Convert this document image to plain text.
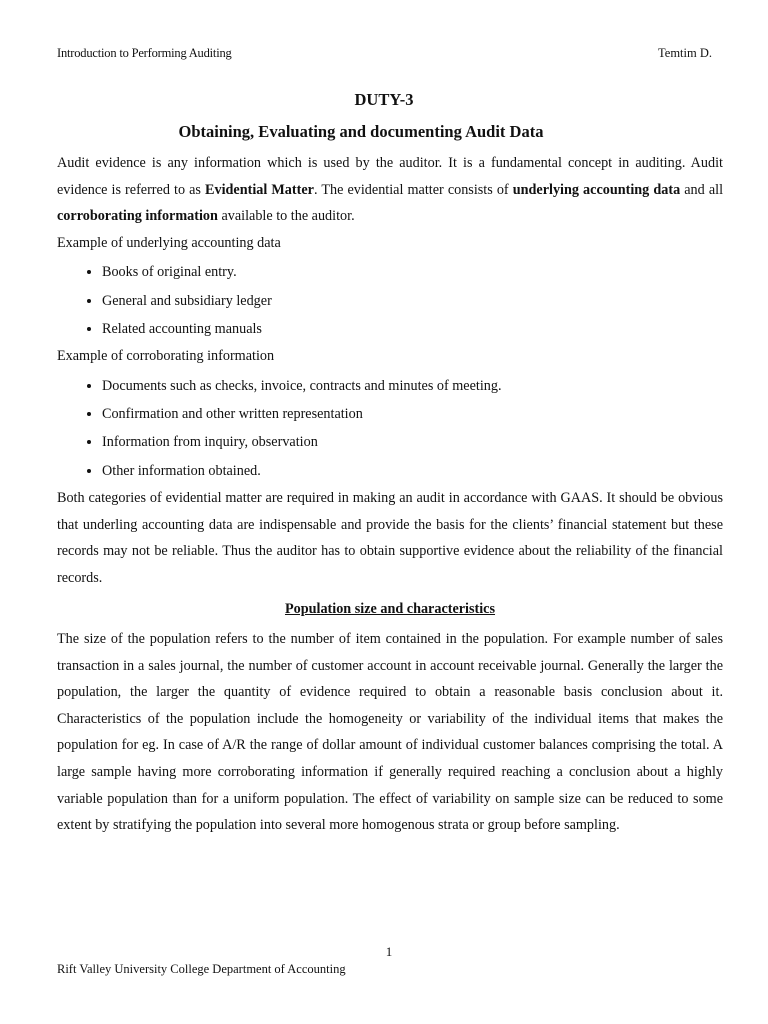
Introduction to Performing Auditing	Temtim D.
DUTY-3
Obtaining, Evaluating and documenting Audit Data

Audit evidence is any information which is used by the auditor. It is a fundamental concept in auditing. Audit evidence is referred to as Evidential Matter. The evidential matter consists of underlying accounting data and all corroborating information available to the auditor.

Example of underlying accounting data

• Books of original entry.
• General and subsidiary ledger
• Related accounting manuals

Example of corroborating information

• Documents such as checks, invoice, contracts and minutes of meeting.
• Confirmation and other written representation
• Information from inquiry, observation
• Other information obtained.

Both categories of evidential matter are required in making an audit in accordance with GAAS. It should be obvious that underling accounting data are indispensable and provide the basis for the clients’ financial statement but these records may not be reliable. Thus the auditor has to obtain supportive evidence about the reliability of the financial records.

Population size and characteristics

The size of the population refers to the number of item contained in the population. For example number of sales transaction in a sales journal, the number of customer account in account receivable journal. Generally the larger the population, the larger the quantity of evidence required to obtain a reasonable basis conclusion about it. Characteristics of the population include the homogeneity or variability of the individual items that makes the population for eg. In case of A/R the range of dollar amount of individual customer balances comprising the total. A large sample having more corroborating information if generally required reaching a conclusion about a highly variable population than for a uniform population. The effect of variability on sample size can be reduced to some extent by stratifying the population into several more homogenous strata or group before sampling.

1
Rift Valley University College Department of Accounting
